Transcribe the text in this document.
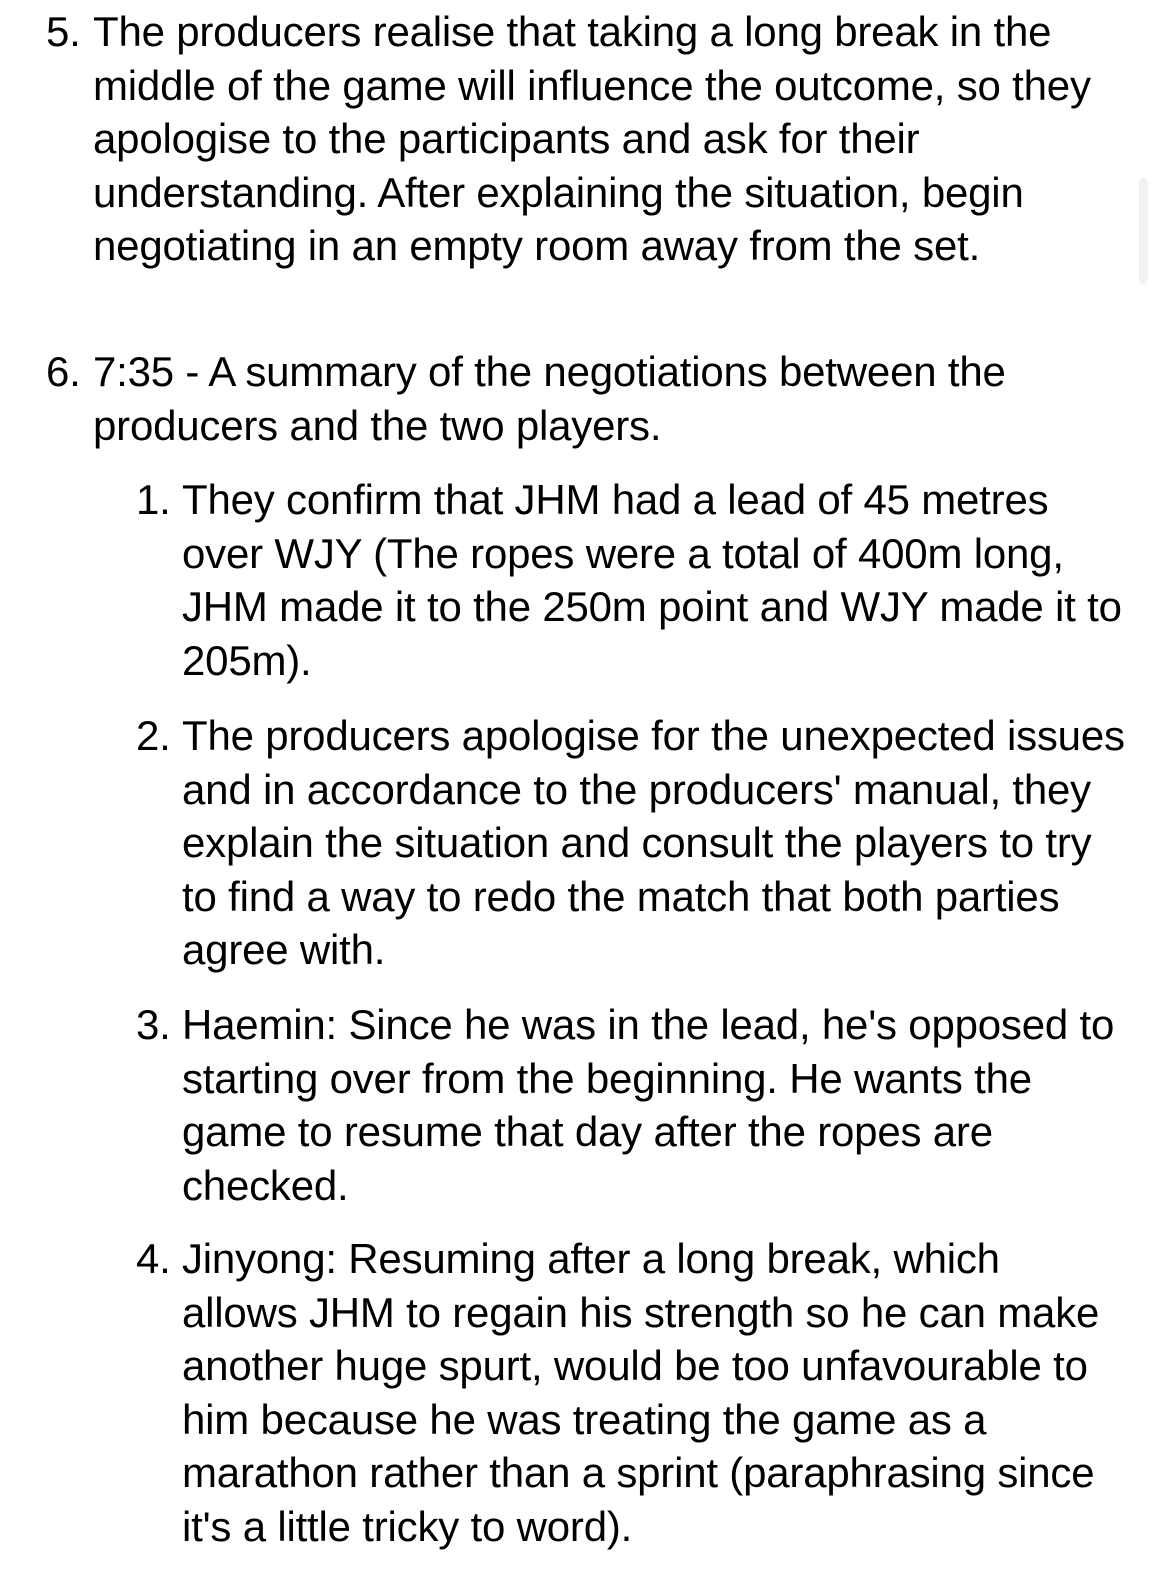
5. The producers realise that taking a long break in the middle of the game will influence the outcome, so they apologise to the participants and ask for their understanding. After explaining the situation, begin negotiating in an empty room away from the set.
6. 7:35 - A summary of the negotiations between the producers and the two players.
1. They confirm that JHM had a lead of 45 metres over WJY (The ropes were a total of 400m long, JHM made it to the 250m point and WJY made it to 205m).
2. The producers apologise for the unexpected issues and in accordance to the producers' manual, they explain the situation and consult the players to try to find a way to redo the match that both parties agree with.
3. Haemin: Since he was in the lead, he's opposed to starting over from the beginning. He wants the game to resume that day after the ropes are checked.
4. Jinyong: Resuming after a long break, which allows JHM to regain his strength so he can make another huge spurt, would be too unfavourable to him because he was treating the game as a marathon rather than a sprint (paraphrasing since it's a little tricky to word).
